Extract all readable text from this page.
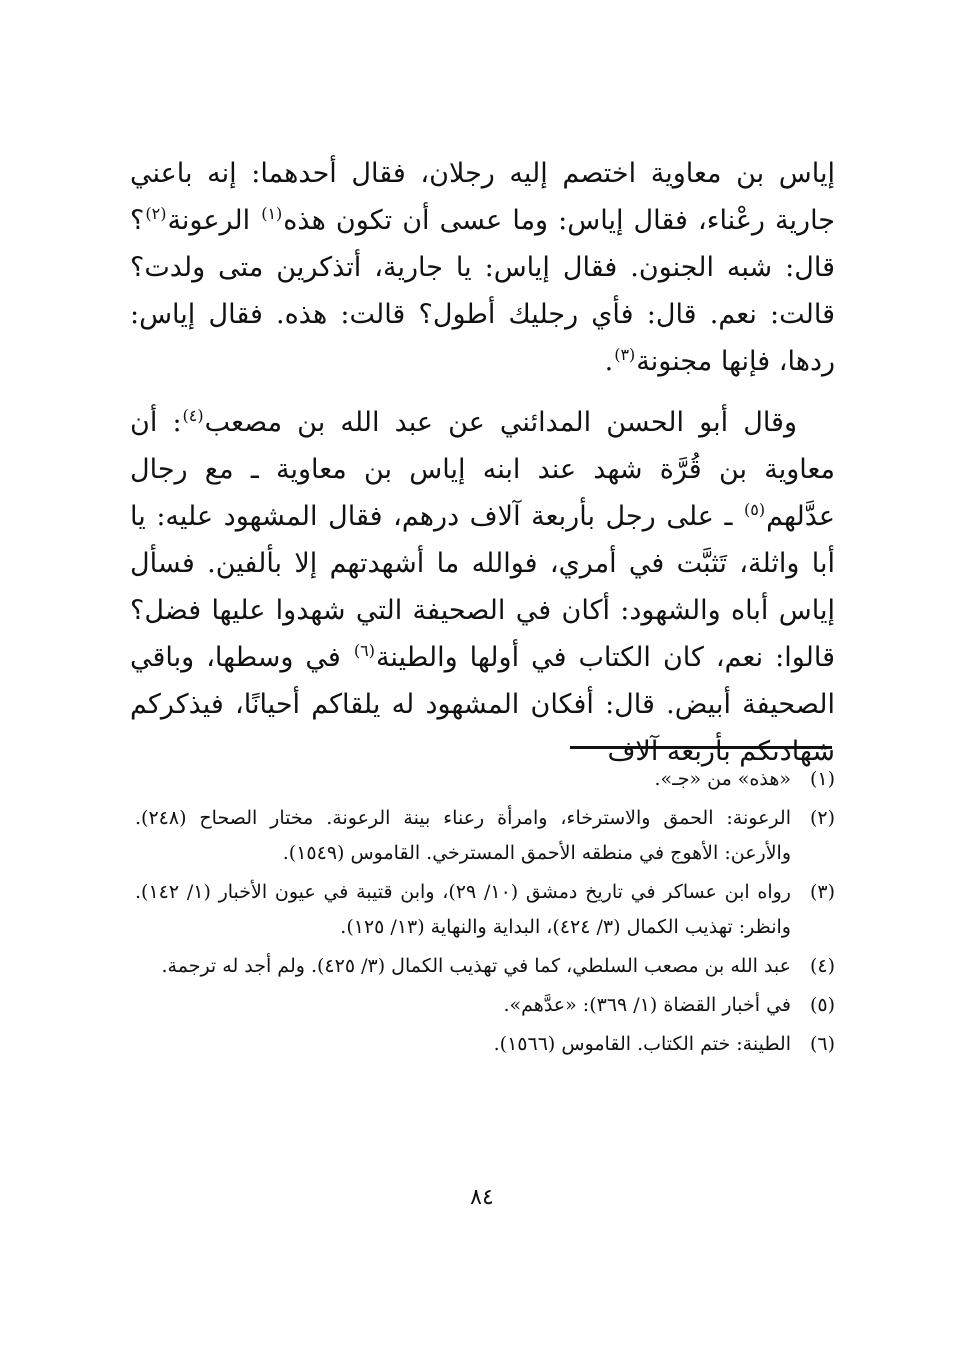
إياس بن معاوية اختصم إليه رجلان، فقال أحدهما: إنه باعني جارية رعْناء، فقال إياس: وما عسى أن تكون هذه$^{(١)}$ الرعونة$^{(٢)}$؟ قال: شبه الجنون. فقال إياس: يا جارية، أتذكرين متى ولدت؟ قالت: نعم. قال: فأي رجليك أطول؟ قالت: هذه. فقال إياس: ردها، فإنها مجنونة$^{(٣)}$.

وقال أبو الحسن المدائني عن عبد الله بن مصعب$^{(٤)}$: أن معاوية بن قُرَّة شهد عند ابنه إياس بن معاوية ـ مع رجال عدَّلهم$^{(٥)}$ ـ على رجل بأربعة آلاف درهم، فقال المشهود عليه: يا أبا واثلة، تَثبَّت في أمري، فوالله ما أشهدتهم إلا بألفين. فسأل إياس أباه والشهود: أكان في الصحيفة التي شهدوا عليها فضل؟ قالوا: نعم، كان الكتاب في أولها والطينة$^{(٦)}$ في وسطها، وباقي الصحيفة أبيض. قال: أفكان المشهود له يلقاكم أحيانًا، فيذكركم شهادتكم بأربعة آلاف

(١)
«هذه» من «جـ».
(٢)
الرعونة: الحمق والاسترخاء، وامرأة رعناء بينة الرعونة. مختار الصحاح (٢٤٨). والأرعن: الأهوج في منطقه الأحمق المسترخي. القاموس (١٥٤٩).
(٣)
رواه ابن عساكر في تاريخ دمشق (١٠/ ٢٩)، وابن قتيبة في عيون الأخبار (١/ ١٤٢). وانظر: تهذيب الكمال (٣/ ٤٢٤)، البداية والنهاية (١٣/ ١٢٥).
(٤)
عبد الله بن مصعب السلطي، كما في تهذيب الكمال (٣/ ٤٢٥). ولم أجد له ترجمة.
(٥)
في أخبار القضاة (١/ ٣٦٩): «عدَّهم».
(٦)
الطينة: ختم الكتاب. القاموس (١٥٦٦).
٨٤
